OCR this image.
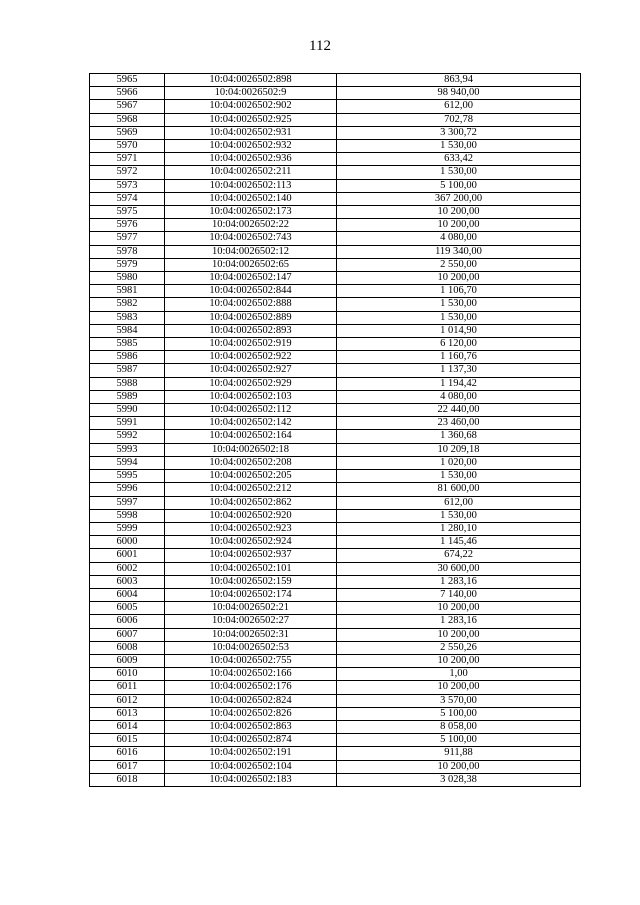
112
5965	10:04:0026502:898	863,94
5966	10:04:0026502:9	98 940,00
5967	10:04:0026502:902	612,00
5968	10:04:0026502:925	702,78
5969	10:04:0026502:931	3 300,72
5970	10:04:0026502:932	1 530,00
5971	10:04:0026502:936	633,42
5972	10:04:0026502:211	1 530,00
5973	10:04:0026502:113	5 100,00
5974	10:04:0026502:140	367 200,00
5975	10:04:0026502:173	10 200,00
5976	10:04:0026502:22	10 200,00
5977	10:04:0026502:743	4 080,00
5978	10:04:0026502:12	119 340,00
5979	10:04:0026502:65	2 550,00
5980	10:04:0026502:147	10 200,00
5981	10:04:0026502:844	1 106,70
5982	10:04:0026502:888	1 530,00
5983	10:04:0026502:889	1 530,00
5984	10:04:0026502:893	1 014,90
5985	10:04:0026502:919	6 120,00
5986	10:04:0026502:922	1 160,76
5987	10:04:0026502:927	1 137,30
5988	10:04:0026502:929	1 194,42
5989	10:04:0026502:103	4 080,00
5990	10:04:0026502:112	22 440,00
5991	10:04:0026502:142	23 460,00
5992	10:04:0026502:164	1 360,68
5993	10:04:0026502:18	10 209,18
5994	10:04:0026502:208	1 020,00
5995	10:04:0026502:205	1 530,00
5996	10:04:0026502:212	81 600,00
5997	10:04:0026502:862	612,00
5998	10:04:0026502:920	1 530,00
5999	10:04:0026502:923	1 280,10
6000	10:04:0026502:924	1 145,46
6001	10:04:0026502:937	674,22
6002	10:04:0026502:101	30 600,00
6003	10:04:0026502:159	1 283,16
6004	10:04:0026502:174	7 140,00
6005	10:04:0026502:21	10 200,00
6006	10:04:0026502:27	1 283,16
6007	10:04:0026502:31	10 200,00
6008	10:04:0026502:53	2 550,26
6009	10:04:0026502:755	10 200,00
6010	10:04:0026502:166	1,00
6011	10:04:0026502:176	10 200,00
6012	10:04:0026502:824	3 570,00
6013	10:04:0026502:826	5 100,00
6014	10:04:0026502:863	8 058,00
6015	10:04:0026502:874	5 100,00
6016	10:04:0026502:191	911,88
6017	10:04:0026502:104	10 200,00
6018	10:04:0026502:183	3 028,38
